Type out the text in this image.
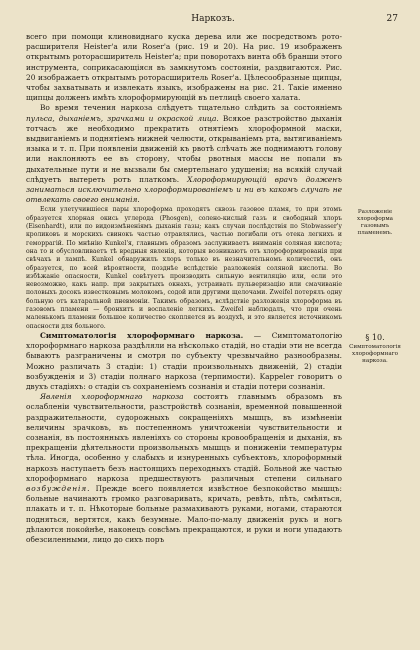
Наркозъ.	27

всего при помощи клиновиднаго куска дерева или же посредствомъ ротo-расширителя Heister'а или Roser'а (рис. 19 и 20). На рис. 19 изображенъ открытымъ роторасширитель Heister'а; при поворотахъ винта обѣ бранши этого инструмента, соприкасающiяся въ замкнутомъ состоянiи, раздвигаются. Рис. 20 изображаетъ открытымъ роторасширитель Roser'а. Цѣлесообразные щипцы, чтобы захватывать и извлекать языкъ, изображены на рис. 21. Такiе именно щипцы долженъ имѣть хлороформирующiй въ петлицѣ своего халата.

Во время течения наркоза слѣдуетъ тщательно слѣдить за состоянiемъ пульса, дыханiемъ, зрачками и окраской лица. Всякое разстройство дыханiя тотчасъ же необходимо прекратить отнятiемъ хлороформной маски, выдвиганiемъ и поднятiемъ нижней челюсти, открыванiемъ рта, вытягиванiемъ языка и т. п. При появленiи движенiй къ рвотѣ слѣчать же поднимаютъ голову или наклоняютъ ее въ сторону, чтобы рвотныя массы не попали въ дыхательные пути и не вызвали бы смертельнаго удушенiя; на всякiй случай слѣдуетъ вытереть ротъ платкомъ. Хлороформирующiй врачъ долженъ заниматься исключительно хлороформированiемъ и ни въ какомъ случаѣ не отвлекать своего вниманiя.

Разложенiе хлороформа газовымъ пламенемъ.

Если улетучившiеся пары хлороформа проходятъ сквозь газовое пламя, то при этомъ образуется хлорная окись углерода (Phosgen), солено-кислый газъ и свободный хлоръ (Eisenhardt), или по видоизмѣненiямъ дыханiя газы; какъ случаи послѣдствiя по Stobwasser'у кроликовъ и морскихъ свинокъ частью отравлялись, частью погибали отъ отека легкихъ и геморрагiй. По мнѣнiю Kunkel'я, главнымъ образомъ заслуживаетъ вниманiя соляная кислота; она то и обусловливаетъ тѣ вредныя явленiя, которыя возникаютъ отъ хлороформированiя при свѣчахъ и лампѣ. Kunkel обнаружилъ хлоръ только въ незначительномъ количествѣ, онъ образуется, по всей вѣроятности, позднѣе вслѣдствiе разложенiя соляной кислоты. Во избѣжанiе опасности, Kunkel совѣтуетъ производить сильную вентиляцiю или, если это невозможно, какъ напр. при закрытыхъ окнахъ, устраивать пульверизацiю или смачиванiе половыхъ досокъ известковымъ молокомъ, содой или другими щелочами. Zweifel потерялъ одну больную отъ катаральной пневмонiи. Такимъ образомъ, вслѣдствiе разложенiя хлороформа въ газовомъ пламени — бронхитъ и воспаленiе легкихъ. Zweifel наблюдалъ, что при очень маленькомъ пламени большое количество скопляется въ воздухѣ, и это является источникомъ опасности для больного.

§ 10.
Симптоматологiя хлороформнаго наркоза.

Симптоматологiя хлороформнаго наркоза. — Симптоматологiю хлороформнаго наркоза раздѣляли на нѣсколько стадiй, но стадiи эти не всегда бываютъ разграничены и смотря по субъекту чрезвычайно разнообразны. Можно различать 3 стадiи: 1) стадiи произвольныхъ движенiй, 2) стадiи возбужденiя и 3) стадiи полнаго наркоза (терпимости). Kappeler говоритъ о двухъ стадiяхъ: о стадiи съ сохраненiемъ сознанiя и стадiи потери сознанiя.

Явленiя хлороформнаго наркоза состоятъ главнымъ образомъ въ ослабленiи чувствительности, разстройствѣ сознанiя, временной повышенной раздражительности, судорожныхъ сокращенiяхъ мышцъ, въ измѣненiи величины зрачковъ, въ постепенномъ уничтоженiи чувствительности и сознанiя, въ постоянныхъ явленiяхъ со стороны кровообращенiя и дыханiя, въ прекращенiи дѣятельности произвольныхъ мышцъ и пониженiи температуры тѣла. Иногда, особенно у слабыхъ и изнуренныхъ субъектовъ, хлороформный наркозъ наступаетъ безъ настоящихъ переходныхъ стадiй. Больной же частью хлороформнаго наркоза предшествуютъ различныя степени сильнаго возбужденiя. Прежде всего появляется извѣстное безпокойство мышцъ: больные начинаютъ громко разговаривать, кричать, ревѣть, пѣть, смѣяться, плакать и т. п. Нѣкоторые больные размахиваютъ руками, ногами, стараются подняться, вертятся, какъ безумные. Мало-по-малу движенiя рукъ и ногъ дѣлаются покойнѣе, наконецъ совсѣмъ прекращаются, и руки и ноги упадаютъ обезсиленными, лицо до сихъ поръ
